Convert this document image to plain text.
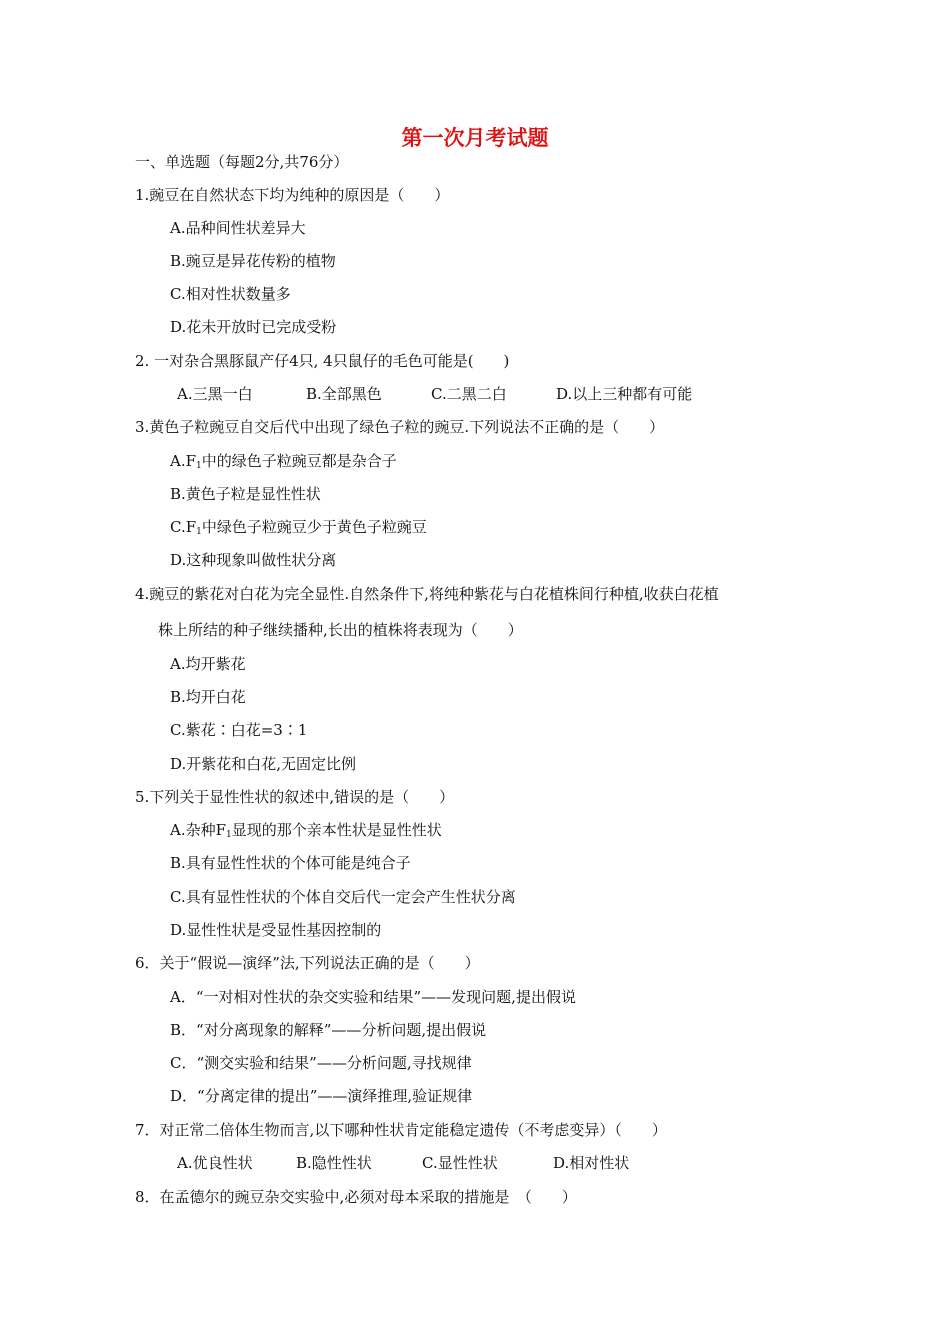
第一次月考试题
一、单选题（每题2分,共76分）
1.豌豆在自然状态下均为纯种的原因是（　　）
A.品种间性状差异大
B.豌豆是异花传粉的植物
C.相对性状数量多
D.花未开放时已完成受粉
2. 一对杂合黑豚鼠产仔4只, 4只鼠仔的毛色可能是(　　)
A.三黑一白	B.全部黑色	C.二黑二白	D.以上三种都有可能
3.黄色子粒豌豆自交后代中出现了绿色子粒的豌豆.下列说法不正确的是（　　）
$A.F_1$中的绿色子粒豌豆都是杂合子
B.黄色子粒是显性性状
$C.F_1$中绿色子粒豌豆少于黄色子粒豌豆
D.这种现象叫做性状分离
4.豌豆的紫花对白花为完全显性.自然条件下,将纯种紫花与白花植株间行种植,收获白花植
株上所结的种子继续播种,长出的植株将表现为（　　）
A.均开紫花
B.均开白花
C.紫花∶白花=3∶1
D.开紫花和白花,无固定比例
5.下列关于显性性状的叙述中,错误的是（　　）
A.杂种$F_1$显现的那个亲本性状是显性性状
B.具有显性性状的个体可能是纯合子
C.具有显性性状的个体自交后代一定会产生性状分离
D.显性性状是受显性基因控制的
6．关于“假说—演绎”法,下列说法正确的是（　　）
A．“一对相对性状的杂交实验和结果”——发现问题,提出假说
B．“对分离现象的解释”——分析问题,提出假说
C．“测交实验和结果”——分析问题,寻找规律
D．“分离定律的提出”——演绎推理,验证规律
7．对正常二倍体生物而言,以下哪种性状肯定能稳定遗传（不考虑变异）（　　）
A.优良性状	B.隐性性状	C.显性性状	D.相对性状
8．在孟德尔的豌豆杂交实验中,必须对母本采取的措施是　（　　）
